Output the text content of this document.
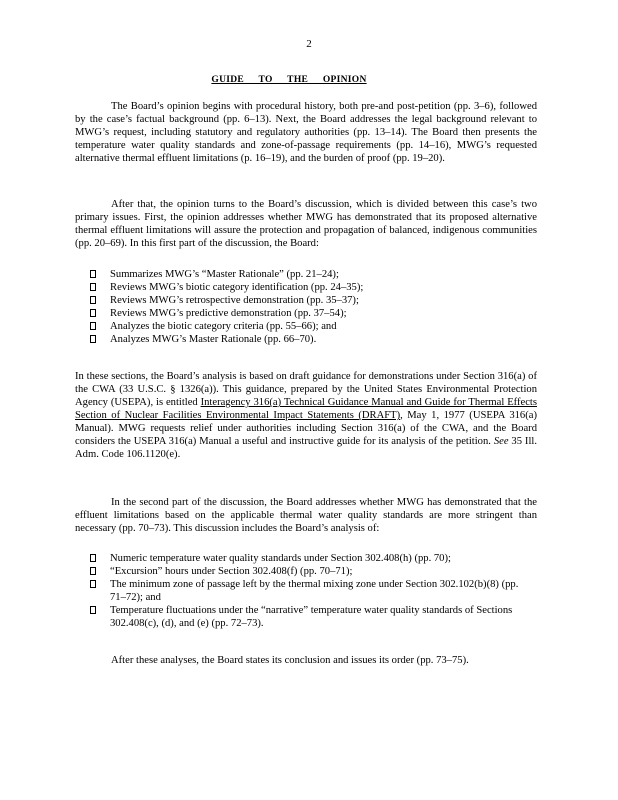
2
GUIDE TO THE OPINION

The Board’s opinion begins with procedural history, both pre-and post-petition (pp. 3–6), followed by the case’s factual background (pp. 6–13). Next, the Board addresses the legal background relevant to MWG’s request, including statutory and regulatory authorities (pp. 13–14). The Board then presents the temperature water quality standards and zone-of-passage requirements (pp. 14–16), MWG’s requested alternative thermal effluent limitations (p. 16–19), and the burden of proof (pp. 19–20).

After that, the opinion turns to the Board’s discussion, which is divided between this case’s two primary issues. First, the opinion addresses whether MWG has demonstrated that its proposed alternative thermal effluent limitations will assure the protection and propagation of balanced, indigenous communities (pp. 20–69). In this first part of the discussion, the Board:

Summarizes MWG’s “Master Rationale” (pp. 21–24);
Reviews MWG’s biotic category identification (pp. 24–35);
Reviews MWG’s retrospective demonstration (pp. 35–37);
Reviews MWG’s predictive demonstration (pp. 37–54);
Analyzes the biotic category criteria (pp. 55–66); and
Analyzes MWG’s Master Rationale (pp. 66–70).

In these sections, the Board’s analysis is based on draft guidance for demonstrations under Section 316(a) of the CWA (33 U.S.C. § 1326(a)). This guidance, prepared by the United States Environmental Protection Agency (USEPA), is entitled Interagency 316(a) Technical Guidance Manual and Guide for Thermal Effects Section of Nuclear Facilities Environmental Impact Statements (DRAFT), May 1, 1977 (USEPA 316(a) Manual). MWG requests relief under authorities including Section 316(a) of the CWA, and the Board considers the USEPA 316(a) Manual a useful and instructive guide for its analysis of the petition. See 35 Ill. Adm. Code 106.1120(e).

In the second part of the discussion, the Board addresses whether MWG has demonstrated that the effluent limitations based on the applicable thermal water quality standards are more stringent than necessary (pp. 70–73). This discussion includes the Board’s analysis of:

Numeric temperature water quality standards under Section 302.408(h) (pp. 70);
“Excursion” hours under Section 302.408(f) (pp. 70–71);
The minimum zone of passage left by the thermal mixing zone under Section 302.102(b)(8) (pp. 71–72); and
Temperature fluctuations under the “narrative” temperature water quality standards of Sections 302.408(c), (d), and (e) (pp. 72–73).

After these analyses, the Board states its conclusion and issues its order (pp. 73–75).
